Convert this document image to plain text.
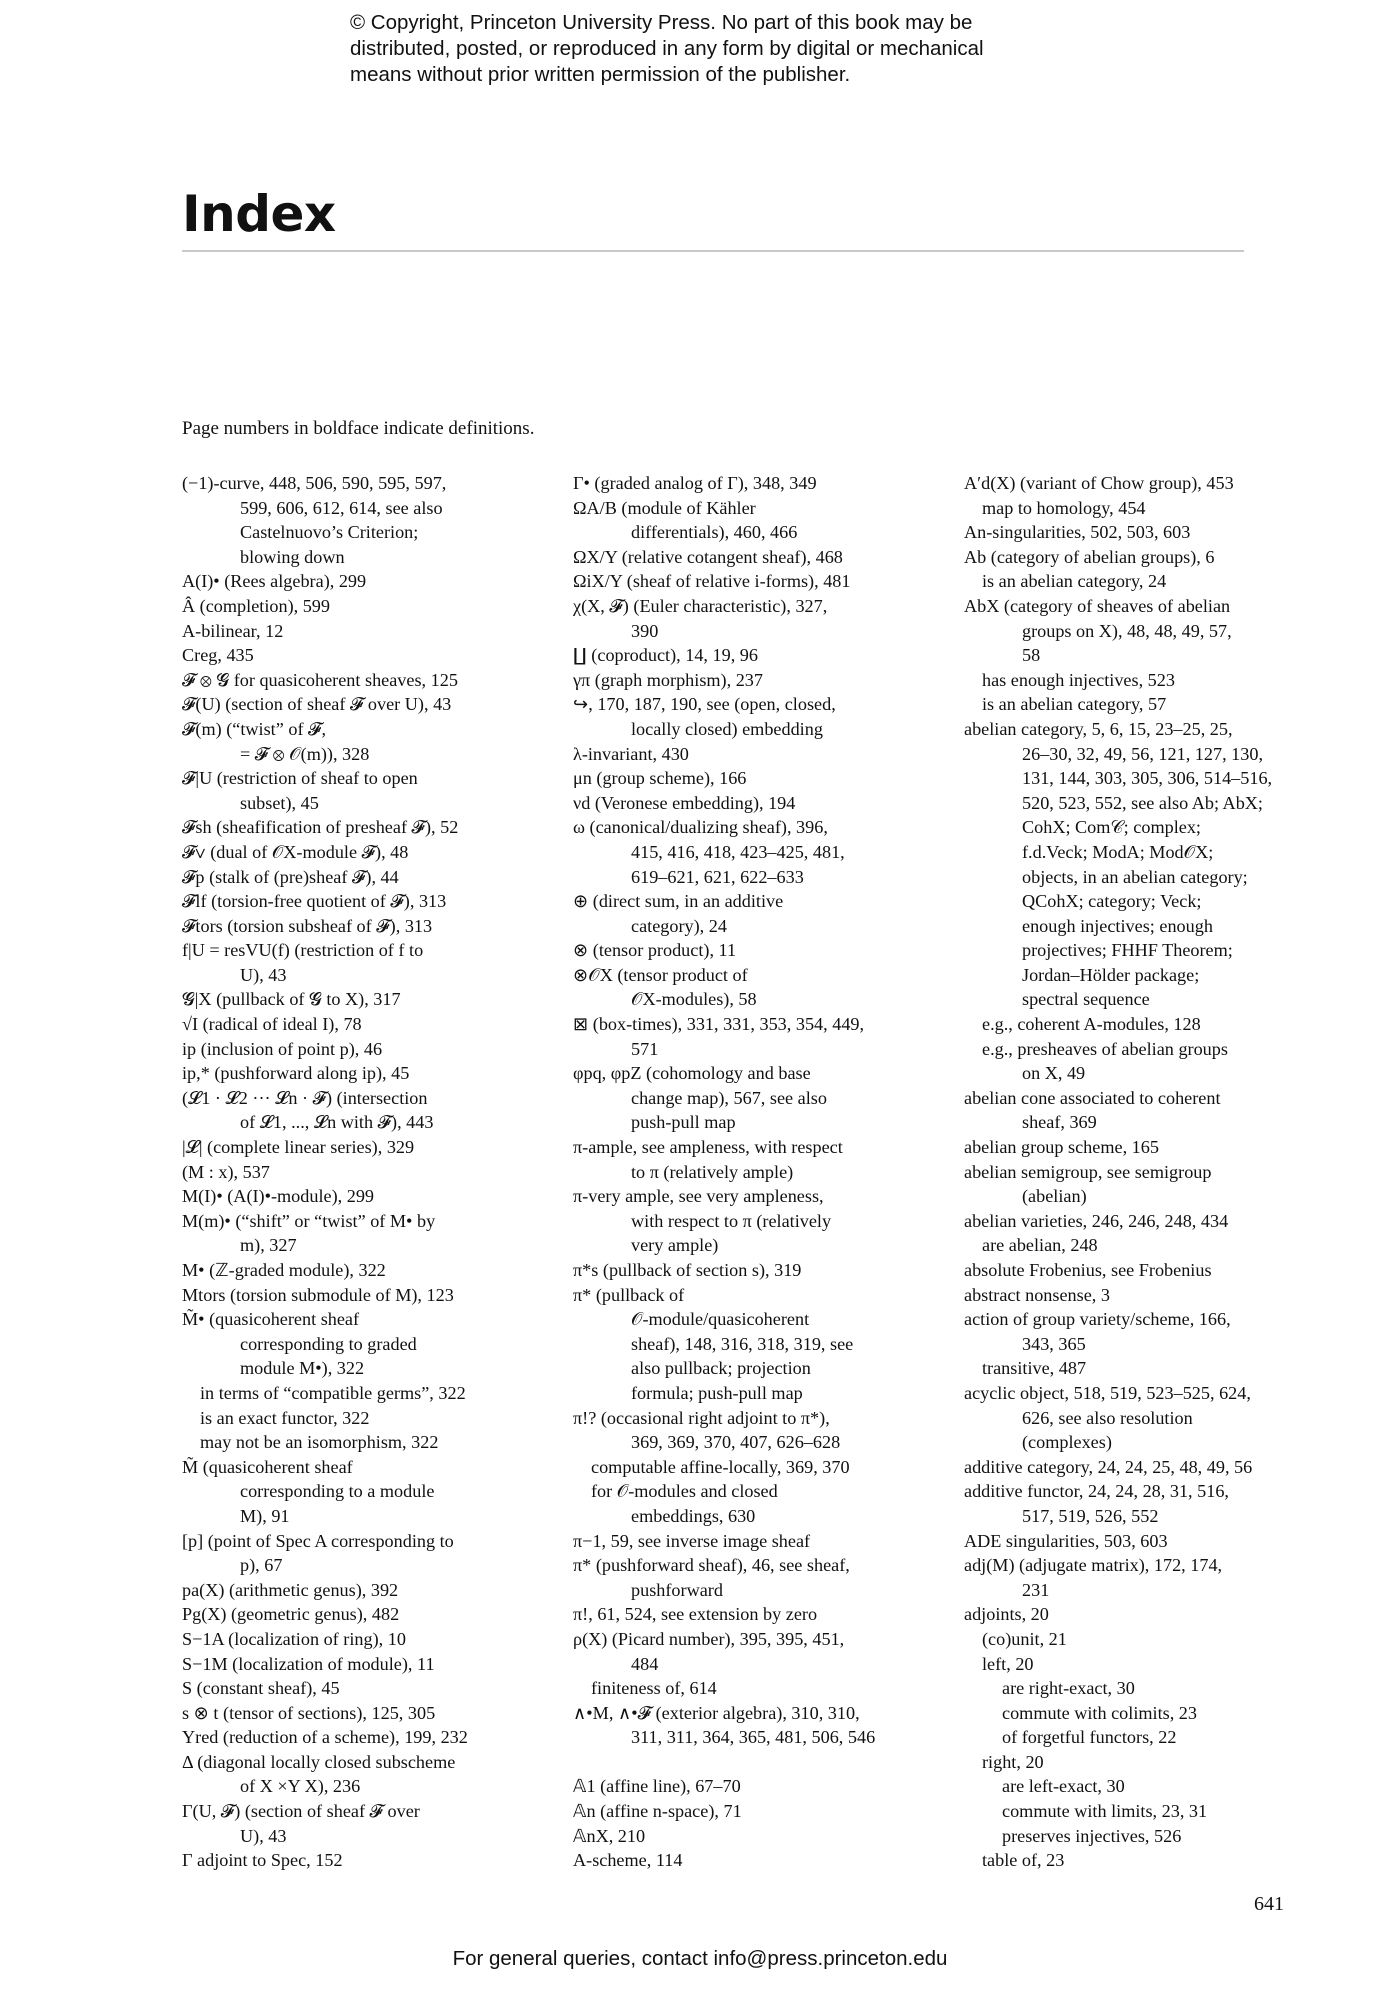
© Copyright, Princeton University Press. No part of this book may be
distributed, posted, or reproduced in any form by digital or mechanical
means without prior written permission of the publisher.
Index
Page numbers in boldface indicate definitions.
(−1)-curve, 448, 506, 590, 595, 597,
599, 606, 612, 614, see also
Castelnuovo’s Criterion;
blowing down
A(I)• (Rees algebra), 299
Â (completion), 599
A-bilinear, 12
Creg, 435
𝓕 ⊗ 𝓖 for quasicoherent sheaves, 125
𝓕(U) (section of sheaf 𝓕 over U), 43
𝓕(m) (“twist” of 𝓕,
= 𝓕 ⊗ 𝒪(m)), 328
𝓕|U (restriction of sheaf to open
subset), 45
𝓕sh (sheafification of presheaf 𝓕), 52
𝓕∨ (dual of 𝒪X-module 𝓕), 48
𝓕p (stalk of (pre)sheaf 𝓕), 44
𝓕lf (torsion-free quotient of 𝓕), 313
𝓕tors (torsion subsheaf of 𝓕), 313
f|U = resVU(f) (restriction of f to
U), 43
𝓖|X (pullback of 𝓖 to X), 317
√I (radical of ideal I), 78
ip (inclusion of point p), 46
ip,* (pushforward along ip), 45
(𝓛1 · 𝓛2 ··· 𝓛n · 𝓕) (intersection
of 𝓛1, ..., 𝓛n with 𝓕), 443
|𝓛| (complete linear series), 329
(M : x), 537
M(I)• (A(I)•-module), 299
M(m)• (“shift” or “twist” of M• by
m), 327
M• (ℤ-graded module), 322
Mtors (torsion submodule of M), 123
M̃• (quasicoherent sheaf
corresponding to graded
module M•), 322
in terms of “compatible germs”, 322
is an exact functor, 322
may not be an isomorphism, 322
M̃ (quasicoherent sheaf
corresponding to a module
M), 91
[p] (point of Spec A corresponding to
p), 67
pa(X) (arithmetic genus), 392
Pg(X) (geometric genus), 482
S−1A (localization of ring), 10
S−1M (localization of module), 11
S (constant sheaf), 45
s ⊗ t (tensor of sections), 125, 305
Yred (reduction of a scheme), 199, 232
Δ (diagonal locally closed subscheme
of X ×Y X), 236
Γ(U, 𝓕) (section of sheaf 𝓕 over
U), 43
Γ adjoint to Spec, 152
Γ• (graded analog of Γ), 348, 349
ΩA/B (module of Kähler
differentials), 460, 466
ΩX/Y (relative cotangent sheaf), 468
ΩiX/Y (sheaf of relative i-forms), 481
χ(X, 𝓕) (Euler characteristic), 327,
390
∐ (coproduct), 14, 19, 96
γπ (graph morphism), 237
↪, 170, 187, 190, see (open, closed,
locally closed) embedding
λ-invariant, 430
μn (group scheme), 166
νd (Veronese embedding), 194
ω (canonical/dualizing sheaf), 396,
415, 416, 418, 423–425, 481,
619–621, 621, 622–633
⊕ (direct sum, in an additive
category), 24
⊗ (tensor product), 11
⊗𝒪X (tensor product of
𝒪X-modules), 58
⊠ (box-times), 331, 331, 353, 354, 449,
571
φpq, φpZ (cohomology and base
change map), 567, see also
push-pull map
π-ample, see ampleness, with respect
to π (relatively ample)
π-very ample, see very ampleness,
with respect to π (relatively
very ample)
π*s (pullback of section s), 319
π* (pullback of
𝒪-module/quasicoherent
sheaf), 148, 316, 318, 319, see
also pullback; projection
formula; push-pull map
π!? (occasional right adjoint to π*),
369, 369, 370, 407, 626–628
computable affine-locally, 369, 370
for 𝒪-modules and closed
embeddings, 630
π−1, 59, see inverse image sheaf
π* (pushforward sheaf), 46, see sheaf,
pushforward
π!, 61, 524, see extension by zero
ρ(X) (Picard number), 395, 395, 451,
484
finiteness of, 614
∧•M, ∧•𝓕 (exterior algebra), 310, 310,
311, 311, 364, 365, 481, 506, 546
𝔸1 (affine line), 67–70
𝔸n (affine n-space), 71
𝔸nX, 210
A-scheme, 114
A′d(X) (variant of Chow group), 453
map to homology, 454
An-singularities, 502, 503, 603
Ab (category of abelian groups), 6
is an abelian category, 24
AbX (category of sheaves of abelian
groups on X), 48, 48, 49, 57,
58
has enough injectives, 523
is an abelian category, 57
abelian category, 5, 6, 15, 23–25, 25,
26–30, 32, 49, 56, 121, 127, 130,
131, 144, 303, 305, 306, 514–516,
520, 523, 552, see also Ab; AbX;
CohX; Com𝒞; complex;
f.d.Veck; ModA; Mod𝒪X;
objects, in an abelian category;
QCohX; category; Veck;
enough injectives; enough
projectives; FHHF Theorem;
Jordan–Hölder package;
spectral sequence
e.g., coherent A-modules, 128
e.g., presheaves of abelian groups
on X, 49
abelian cone associated to coherent
sheaf, 369
abelian group scheme, 165
abelian semigroup, see semigroup
(abelian)
abelian varieties, 246, 246, 248, 434
are abelian, 248
absolute Frobenius, see Frobenius
abstract nonsense, 3
action of group variety/scheme, 166,
343, 365
transitive, 487
acyclic object, 518, 519, 523–525, 624,
626, see also resolution
(complexes)
additive category, 24, 24, 25, 48, 49, 56
additive functor, 24, 24, 28, 31, 516,
517, 519, 526, 552
ADE singularities, 503, 603
adj(M) (adjugate matrix), 172, 174,
231
adjoints, 20
(co)unit, 21
left, 20
are right-exact, 30
commute with colimits, 23
of forgetful functors, 22
right, 20
are left-exact, 30
commute with limits, 23, 31
preserves injectives, 526
table of, 23
641
For general queries, contact info@press.princeton.edu
